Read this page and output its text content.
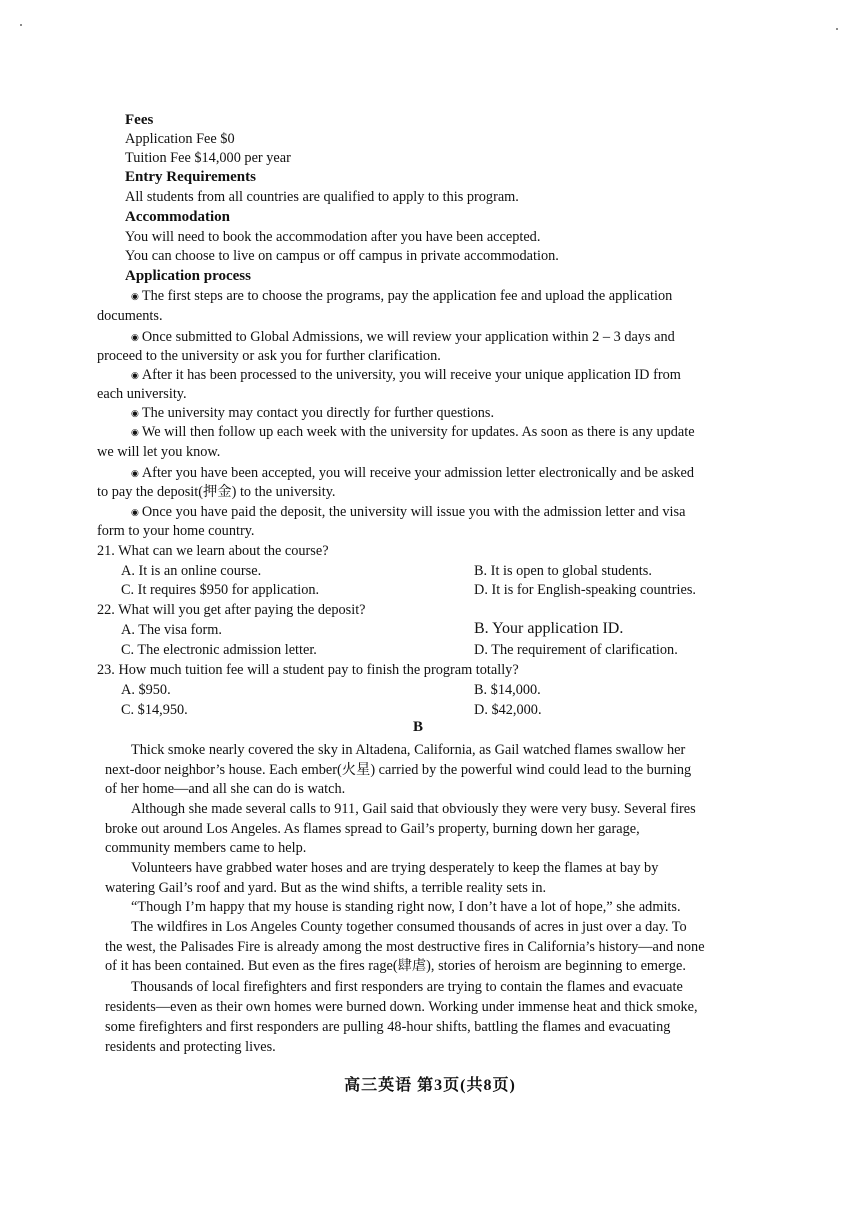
Fees
Application Fee $0
Tuition Fee $14,000 per year
Entry Requirements
All students from all countries are qualified to apply to this program.
Accommodation
You will need to book the accommodation after you have been accepted.
You can choose to live on campus or off campus in private accommodation.
Application process
◉ The first steps are to choose the programs, pay the application fee and upload the application
documents.
◉ Once submitted to Global Admissions, we will review your application within 2 – 3 days and
proceed to the university or ask you for further clarification.
◉ After it has been processed to the university, you will receive your unique application ID from
each university.
◉ The university may contact you directly for further questions.
◉ We will then follow up each week with the university for updates. As soon as there is any update
we will let you know.
◉ After you have been accepted, you will receive your admission letter electronically and be asked
to pay the deposit(押金) to the university.
◉ Once you have paid the deposit, the university will issue you with the admission letter and visa
form to your home country.
21. What can we learn about the course?
A. It is an online course.	B. It is open to global students.
C. It requires $950 for application.	D. It is for English-speaking countries.
22. What will you get after paying the deposit?
A. The visa form.	B. Your application ID.
C. The electronic admission letter.	D. The requirement of clarification.
23. How much tuition fee will a student pay to finish the program totally?
A. $950.	B. $14,000.
C. $14,950.	D. $42,000.
B
Thick smoke nearly covered the sky in Altadena, California, as Gail watched flames swallow her
next-door neighbor’s house. Each ember(火星) carried by the powerful wind could lead to the burning
of her home—and all she can do is watch.
Although she made several calls to 911, Gail said that obviously they were very busy. Several fires
broke out around Los Angeles. As flames spread to Gail’s property, burning down her garage,
community members came to help.
Volunteers have grabbed water hoses and are trying desperately to keep the flames at bay by
watering Gail’s roof and yard. But as the wind shifts, a terrible reality sets in.
“Though I’m happy that my house is standing right now, I don’t have a lot of hope,” she admits.
The wildfires in Los Angeles County together consumed thousands of acres in just over a day. To
the west, the Palisades Fire is already among the most destructive fires in California’s history—and none
of it has been contained. But even as the fires rage(肆虐), stories of heroism are beginning to emerge.
Thousands of local firefighters and first responders are trying to contain the flames and evacuate
residents—even as their own homes were burned down. Working under immense heat and thick smoke,
some firefighters and first responders are pulling 48-hour shifts, battling the flames and evacuating
residents and protecting lives.
高三英语 第3页(共8页)
